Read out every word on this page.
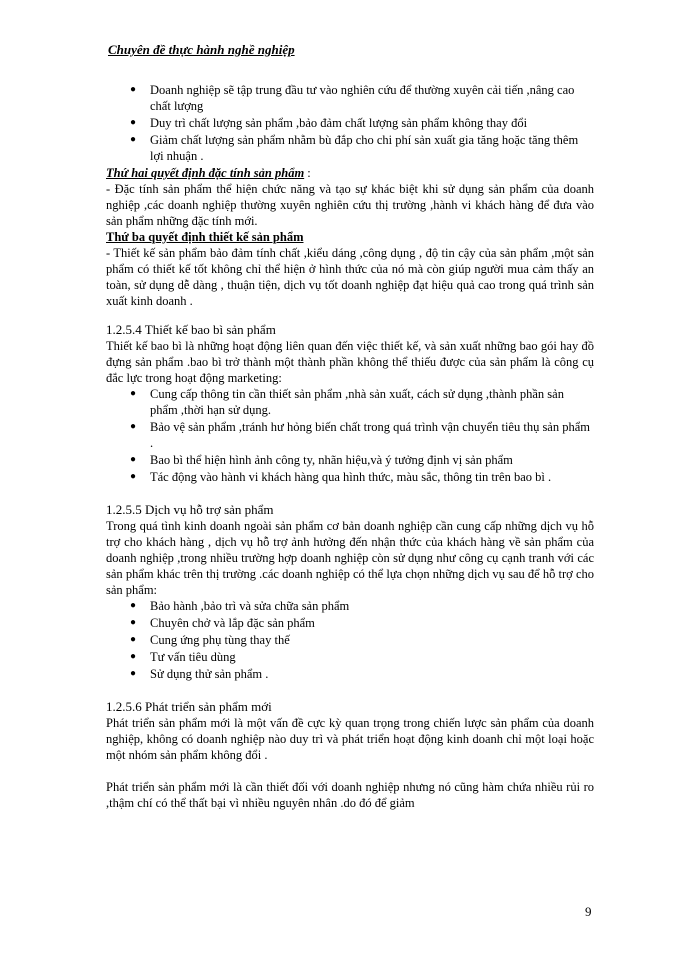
Chuyên đề thực hành nghề nghiệp
● Doanh nghiệp sẽ tập trung đầu tư vào nghiên cứu để thường xuyên cải tiến ,nâng cao chất lượng
● Duy trì chất lượng sản phẩm ,bảo đảm chất lượng sản phẩm không thay đổi
● Giảm chất lượng sản phẩm nhằm bù đắp cho chi phí sản xuất gia tăng hoặc tăng thêm lợi nhuận .

Thứ hai quyết định đặc tính sản phẩm :

- Đặc tính sản phẩm thể hiện chức năng và tạo sự khác biệt khi sử dụng sản phẩm của doanh nghiệp ,các doanh nghiệp thường xuyên nghiên cứu thị trường ,hành vi khách hàng để đưa vào sản phẩm những đặc tính mới.

Thứ ba quyết định thiết kế sản phẩm

- Thiết kế sản phẩm bảo đảm tính chất ,kiểu dáng ,công dụng , độ tin cậy của sản phẩm ,một sản phẩm có thiết kế tốt không chỉ thể hiện ở hình thức của nó mà còn giúp người mua cảm thấy an toàn, sử dụng dễ dàng , thuận tiện, dịch vụ tốt doanh nghiệp đạt hiệu quả cao trong quá trình sản xuất kinh doanh .

1.2.5.4 Thiết kế bao bì sản phẩm

Thiết kế bao bì là những hoạt động liên quan đến việc thiết kế, và sản xuất những bao gói hay đồ đựng sản phẩm .bao bì trở thành một thành phần không thể thiếu được của sản phẩm là công cụ đắc lực trong hoạt động marketing:

● Cung cấp thông tin cần thiết sản phẩm ,nhà sản xuất, cách sử dụng ,thành phần sản phẩm ,thời hạn sử dụng.
● Bảo vệ sản phẩm ,tránh hư hỏng biến chất trong quá trình vận chuyển tiêu thụ sản phẩm .
● Bao bì thể hiện hình ảnh công ty, nhãn hiệu,và ý tưởng định vị sản phẩm
● Tác động vào hành vi khách hàng qua hình thức, màu sắc, thông tin trên bao bì .

1.2.5.5 Dịch vụ hỗ trợ sản phẩm

Trong quá tình kinh doanh ngoài sản phẩm cơ bản doanh nghiệp cần cung cấp những dịch vụ hỗ trợ cho khách hàng , dịch vụ hỗ trợ ảnh hưởng đến nhận thức của khách hàng về sản phẩm của doanh nghiệp ,trong nhiều trường hợp doanh nghiệp còn sử dụng như công cụ cạnh tranh với các sản phẩm khác trên thị trường .các doanh nghiệp có thể lựa chọn những dịch vụ sau để hỗ trợ cho sản phẩm:

● Bảo hành ,bảo trì và sửa chữa sản phẩm
● Chuyên chở và lắp đặc sản phẩm
● Cung ứng phụ tùng thay thế
● Tư vấn tiêu dùng
● Sử dụng thử sản phẩm .

1.2.5.6 Phát triển sản phẩm mới

Phát triển sản phẩm mới là một vấn đề cực kỳ quan trọng trong chiến lược sản phẩm của doanh nghiệp, không có doanh nghiệp nào duy trì và phát triển hoạt động kinh doanh chỉ một loại hoặc một nhóm sản phẩm không đổi .

Phát triển sản phẩm mới là cần thiết đối với doanh nghiệp nhưng nó cũng hàm chứa nhiều rủi ro ,thậm chí có thể thất bại vì nhiều nguyên nhân .do đó để giảm

9
